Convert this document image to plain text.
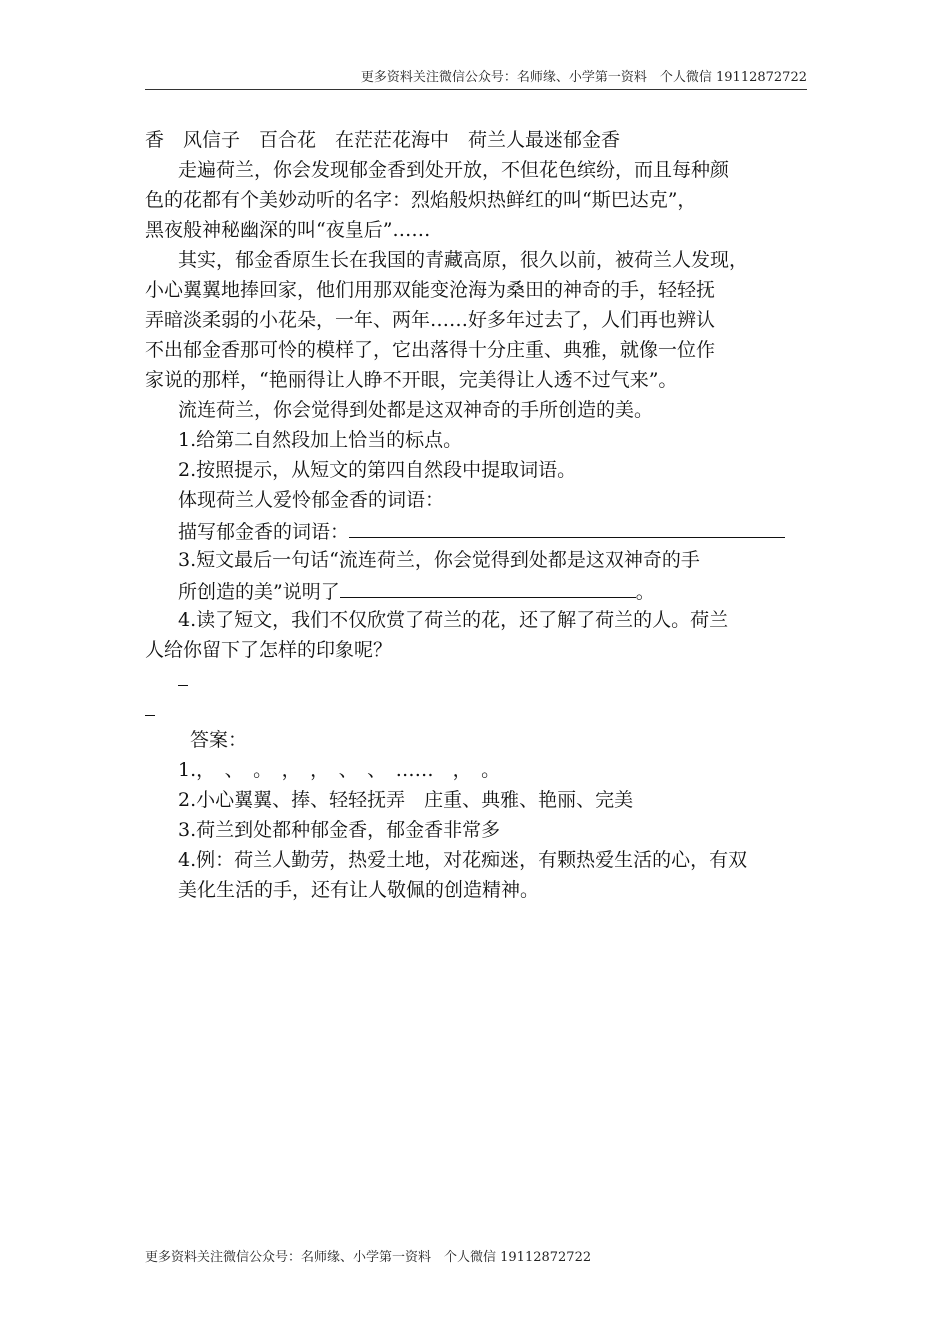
更多资料关注微信公众号：名师缘、小学第一资料　个人微信 19112872722
香　风信子　百合花　在茫茫花海中　荷兰人最迷郁金香
走遍荷兰，你会发现郁金香到处开放，不但花色缤纷，而且每种颜
色的花都有个美妙动听的名字：烈焰般炽热鲜红的叫“斯巴达克”，
黑夜般神秘幽深的叫“夜皇后”……
其实，郁金香原生长在我国的青藏高原，很久以前，被荷兰人发现，
小心翼翼地捧回家，他们用那双能变沧海为桑田的神奇的手，轻轻抚
弄暗淡柔弱的小花朵，一年、两年……好多年过去了，人们再也辨认
不出郁金香那可怜的模样了，它出落得十分庄重、典雅，就像一位作
家说的那样，“艳丽得让人睁不开眼，完美得让人透不过气来”。
流连荷兰，你会觉得到处都是这双神奇的手所创造的美。
1.给第二自然段加上恰当的标点。
2.按照提示，从短文的第四自然段中提取词语。
体现荷兰人爱怜郁金香的词语：
描写郁金香的词语：
3.短文最后一句话“流连荷兰，你会觉得到处都是这双神奇的手
所创造的美”说明了	。
4.读了短文，我们不仅欣赏了荷兰的花，还了解了荷兰的人。荷兰
人给你留下了怎样的印象呢？
答案：
1.，　、　。　，　，　、　、　……　，　。
2.小心翼翼、捧、轻轻抚弄　庄重、典雅、艳丽、完美
3.荷兰到处都种郁金香，郁金香非常多
4.例：荷兰人勤劳，热爱土地，对花痴迷，有颗热爱生活的心，有双
美化生活的手，还有让人敬佩的创造精神。
更多资料关注微信公众号：名师缘、小学第一资料　个人微信 19112872722
